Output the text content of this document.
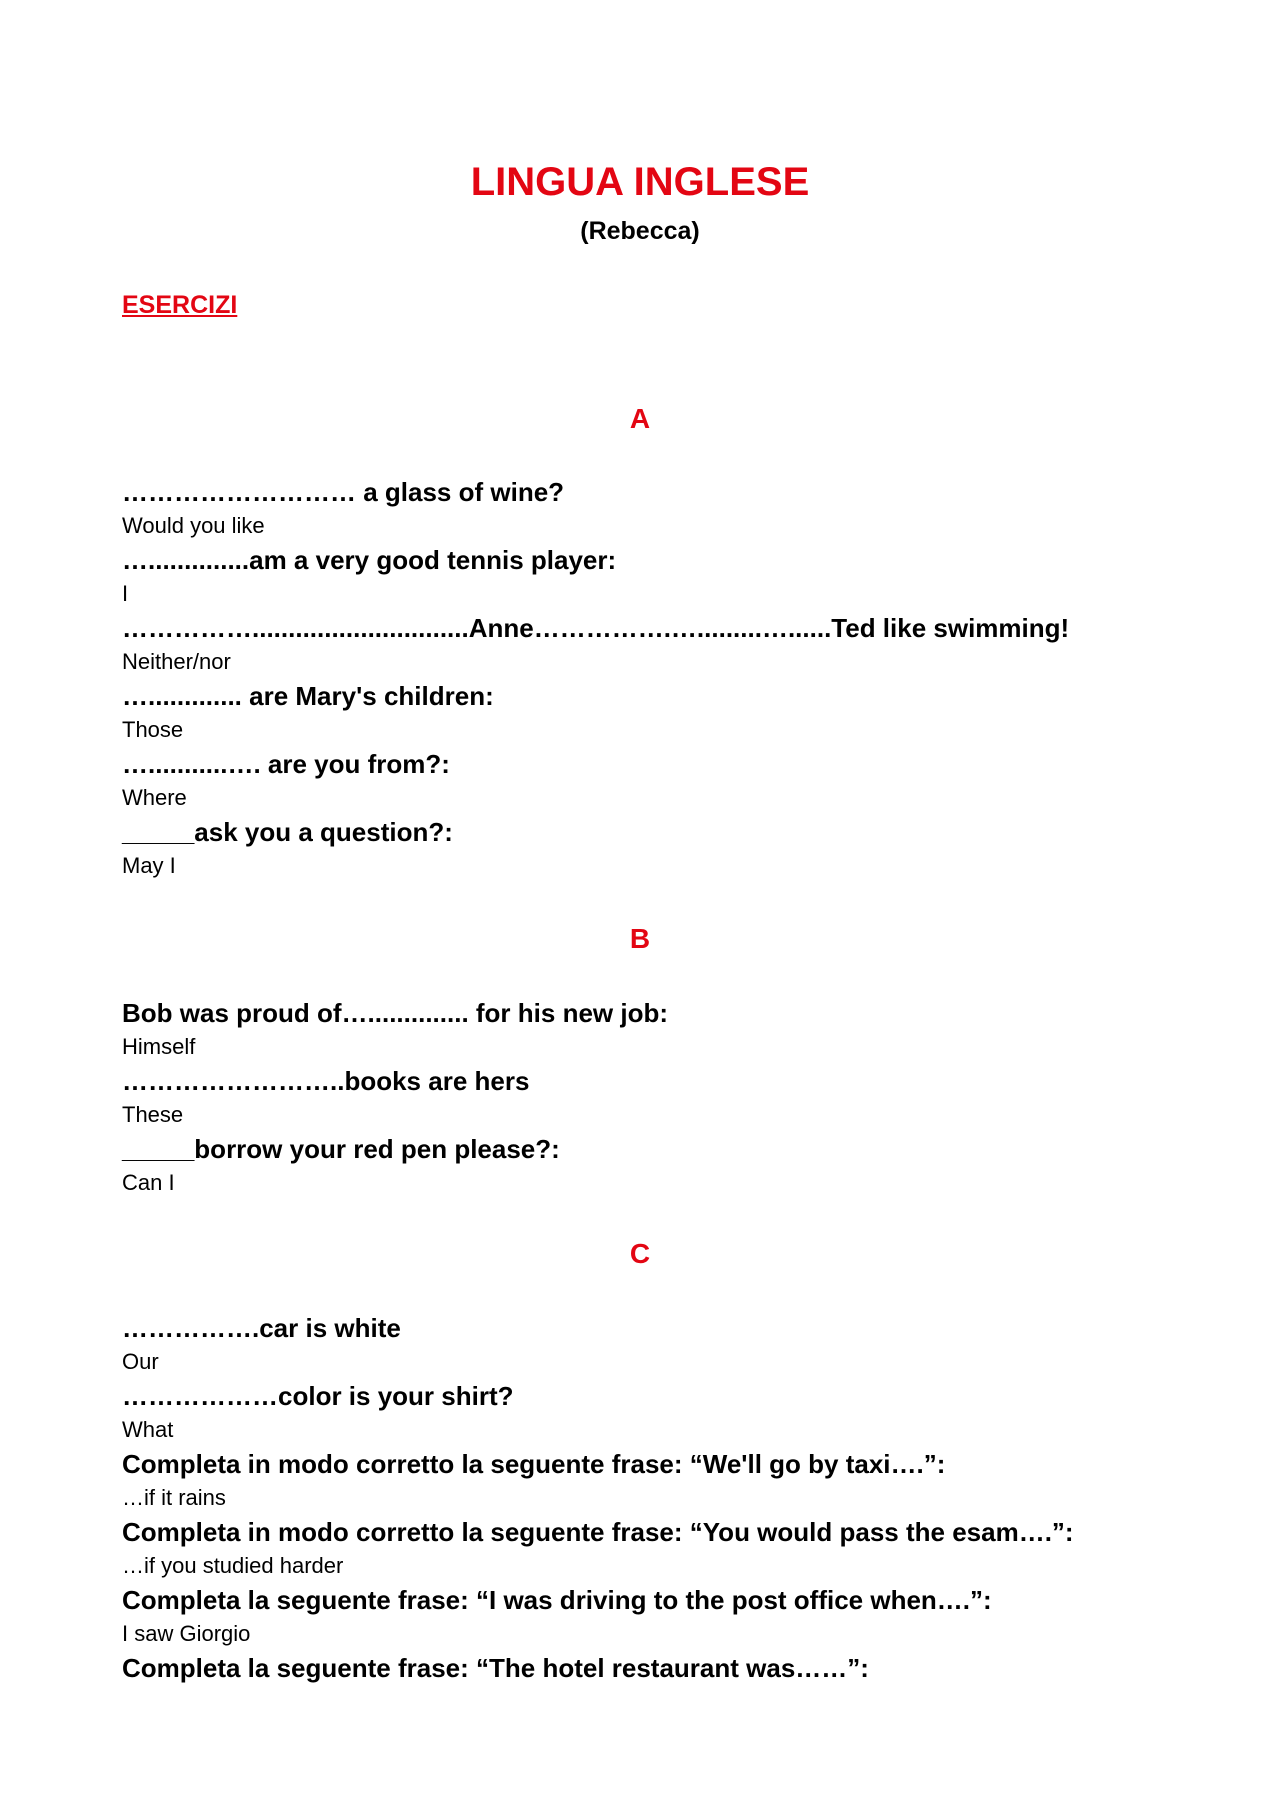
LINGUA INGLESE
(Rebecca)
ESERCIZI
A
……………………… a glass of wine?
Would you like
…..............am a very good tennis player:
I
……………..............................Anne…………….….........…......Ted like swimming!
Neither/nor
…............. are Mary's children:
Those
…...........…. are you from?:
Where
_____ask you a question?:
May I
B
Bob was proud of….............. for his new job:
Himself
……………………..books are hers
These
_____borrow your red pen please?:
Can I
C
…………….car is white
Our
………………color is your shirt?
What
Completa in modo corretto la seguente frase: “We'll go by taxi….”:
…if it rains
Completa in modo corretto la seguente frase: “You would pass the esam….”:
…if you studied harder
Completa la seguente frase: “I was driving to the post office when….”:
I saw Giorgio
Completa la seguente frase: “The hotel restaurant was……”:
